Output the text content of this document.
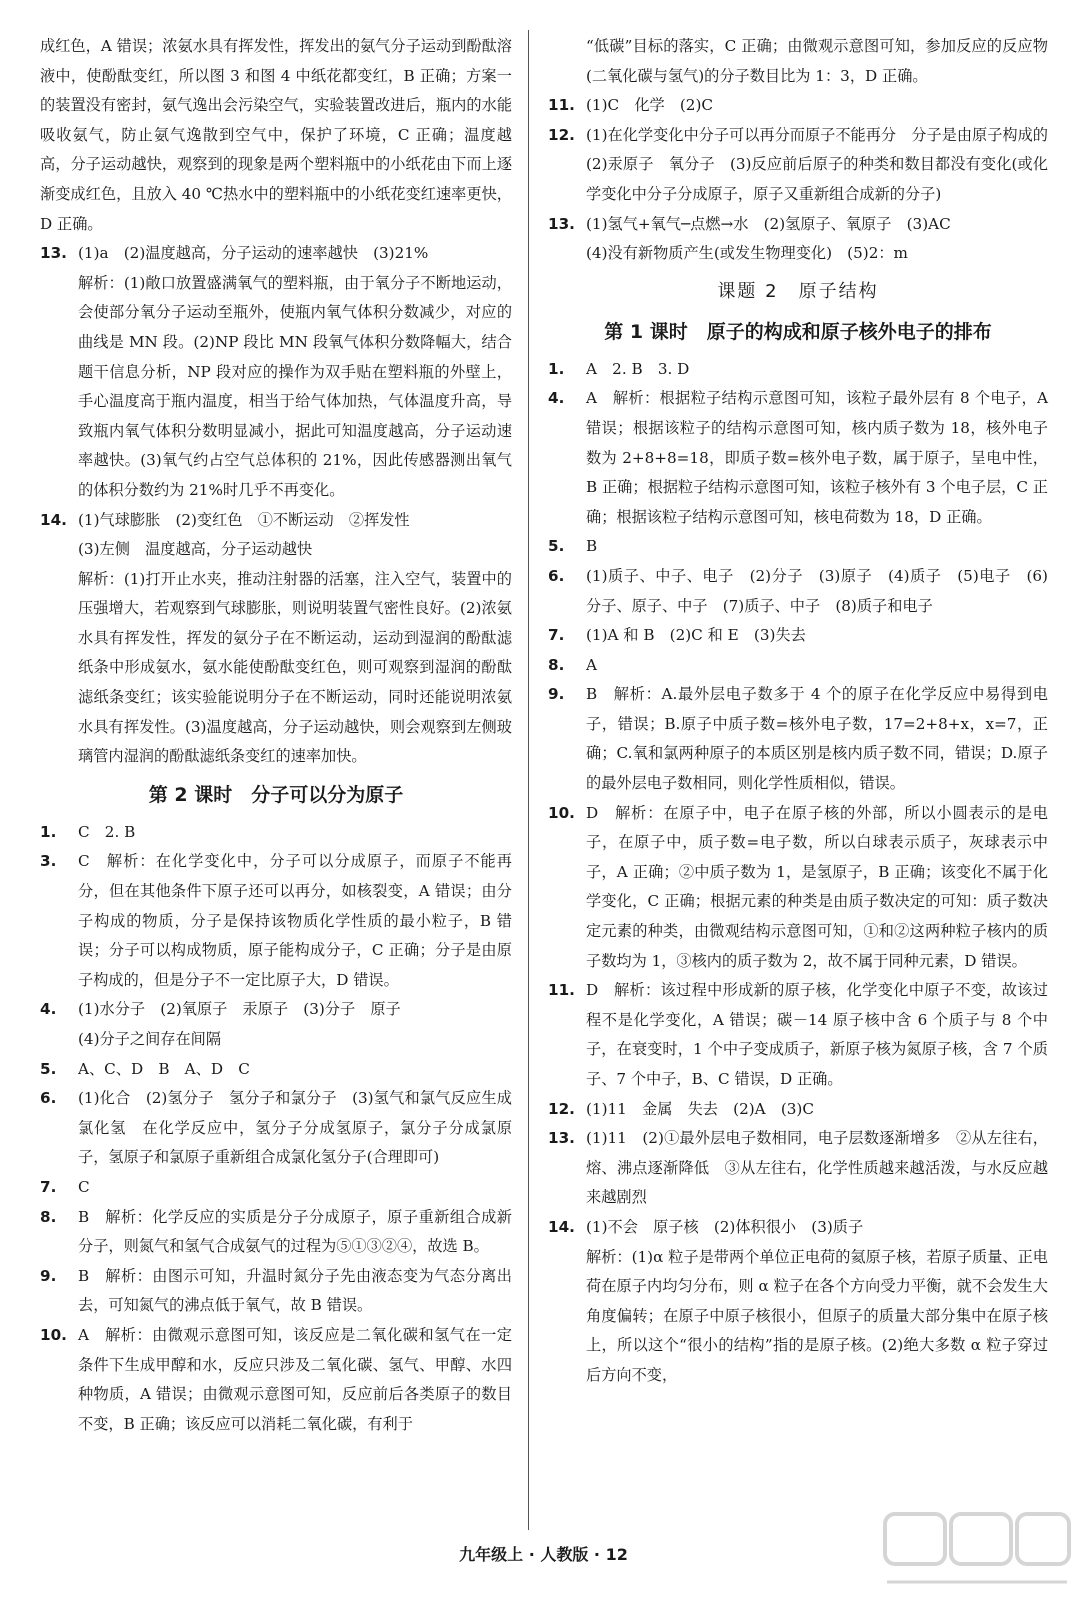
成红色，A 错误；浓氨水具有挥发性，挥发出的氨气分子运动到酚酞溶液中，使酚酞变红，所以图 3 和图 4 中纸花都变红，B 正确；方案一的装置没有密封，氨气逸出会污染空气，实验装置改进后，瓶内的水能吸收氨气，防止氨气逸散到空气中，保护了环境，C 正确；温度越高，分子运动越快，观察到的现象是两个塑料瓶中的小纸花由下而上逐渐变成红色，且放入 40 ℃热水中的塑料瓶中的小纸花变红速率更快，D 正确。

13. (1)a　(2)温度越高，分子运动的速率越快　(3)21%

解析：(1)敞口放置盛满氧气的塑料瓶，由于氧分子不断地运动，会使部分氧分子运动至瓶外，使瓶内氧气体积分数减少，对应的曲线是 MN 段。(2)NP 段比 MN 段氧气体积分数降幅大，结合题干信息分析，NP 段对应的操作为双手贴在塑料瓶的外壁上，手心温度高于瓶内温度，相当于给气体加热，气体温度升高，导致瓶内氧气体积分数明显减小，据此可知温度越高，分子运动速率越快。(3)氧气约占空气总体积的 21%，因此传感器测出氧气的体积分数约为 21%时几乎不再变化。

14. (1)气球膨胀　(2)变红色　①不断运动　②挥发性

(3)左侧　温度越高，分子运动越快

解析：(1)打开止水夹，推动注射器的活塞，注入空气，装置中的压强增大，若观察到气球膨胀，则说明装置气密性良好。(2)浓氨水具有挥发性，挥发的氨分子在不断运动，运动到湿润的酚酞滤纸条中形成氨水，氨水能使酚酞变红色，则可观察到湿润的酚酞滤纸条变红；该实验能说明分子在不断运动，同时还能说明浓氨水具有挥发性。(3)温度越高，分子运动越快，则会观察到左侧玻璃管内湿润的酚酞滤纸条变红的速率加快。

第 2 课时　分子可以分为原子

1. C　2. B

3. C　解析：在化学变化中，分子可以分成原子，而原子不能再分，但在其他条件下原子还可以再分，如核裂变，A 错误；由分子构成的物质，分子是保持该物质化学性质的最小粒子，B 错误；分子可以构成物质，原子能构成分子，C 正确；分子是由原子构成的，但是分子不一定比原子大，D 错误。

4. (1)水分子　(2)氧原子　汞原子　(3)分子　原子

(4)分子之间存在间隔

5. A、C、D　B　A、D　C

6. (1)化合　(2)氢分子　氢分子和氯分子　(3)氢气和氯气反应生成氯化氢　在化学反应中，氢分子分成氢原子，氯分子分成氯原子，氢原子和氯原子重新组合成氯化氢分子(合理即可)

7. C

8. B　解析：化学反应的实质是分子分成原子，原子重新组合成新分子，则氮气和氢气合成氨气的过程为⑤①③②④，故选 B。

9. B　解析：由图示可知，升温时氮分子先由液态变为气态分离出去，可知氮气的沸点低于氧气，故 B 错误。

10. A　解析：由微观示意图可知，该反应是二氧化碳和氢气在一定条件下生成甲醇和水，反应只涉及二氧化碳、氢气、甲醇、水四种物质，A 错误；由微观示意图可知，反应前后各类原子的数目不变，B 正确；该反应可以消耗二氧化碳，有利于

“低碳”目标的落实，C 正确；由微观示意图可知，参加反应的反应物(二氧化碳与氢气)的分子数目比为 1：3，D 正确。

11. (1)C　化学　(2)C

12. (1)在化学变化中分子可以再分而原子不能再分　分子是由原子构成的　(2)汞原子　氧分子　(3)反应前后原子的种类和数目都没有变化(或化学变化中分子分成原子，原子又重新组合成新的分子)

13. (1)氢气+氧气─点燃→水　(2)氢原子、氧原子　(3)AC

(4)没有新物质产生(或发生物理变化)　(5)2：m

课题 2　原子结构
第 1 课时　原子的构成和原子核外电子的排布

1. A　2. B　3. D

4. A　解析：根据粒子结构示意图可知，该粒子最外层有 8 个电子，A 错误；根据该粒子的结构示意图可知，核内质子数为 18，核外电子数为 2+8+8=18，即质子数=核外电子数，属于原子，呈电中性，B 正确；根据粒子结构示意图可知，该粒子核外有 3 个电子层，C 正确；根据该粒子结构示意图可知，核电荷数为 18，D 正确。

5. B

6. (1)质子、中子、电子　(2)分子　(3)原子　(4)质子　(5)电子　(6)分子、原子、中子　(7)质子、中子　(8)质子和电子

7. (1)A 和 B　(2)C 和 E　(3)失去

8. A

9. B　解析：A.最外层电子数多于 4 个的原子在化学反应中易得到电子，错误；B.原子中质子数=核外电子数，17=2+8+x，x=7，正确；C.氧和氯两种原子的本质区别是核内质子数不同，错误；D.原子的最外层电子数相同，则化学性质相似，错误。

10. D　解析：在原子中，电子在原子核的外部，所以小圆表示的是电子，在原子中，质子数=电子数，所以白球表示质子，灰球表示中子，A 正确；②中质子数为 1，是氢原子，B 正确；该变化不属于化学变化，C 正确；根据元素的种类是由质子数决定的可知：质子数决定元素的种类，由微观结构示意图可知，①和②这两种粒子核内的质子数均为 1，③核内的质子数为 2，故不属于同种元素，D 错误。

11. D　解析：该过程中形成新的原子核，化学变化中原子不变，故该过程不是化学变化，A 错误；碳－14 原子核中含 6 个质子与 8 个中子，在衰变时，1 个中子变成质子，新原子核为氮原子核，含 7 个质子、7 个中子，B、C 错误，D 正确。

12. (1)11　金属　失去　(2)A　(3)C

13. (1)11　(2)①最外层电子数相同，电子层数逐渐增多　②从左往右，熔、沸点逐渐降低　③从左往右，化学性质越来越活泼，与水反应越来越剧烈

14. (1)不会　原子核　(2)体积很小　(3)质子

解析：(1)α 粒子是带两个单位正电荷的氦原子核，若原子质量、正电荷在原子内均匀分布，则 α 粒子在各个方向受力平衡，就不会发生大角度偏转；在原子中原子核很小，但原子的质量大部分集中在原子核上，所以这个“很小的结构”指的是原子核。(2)绝大多数 α 粒子穿过后方向不变，

九年级上 · 人教版 · 12
